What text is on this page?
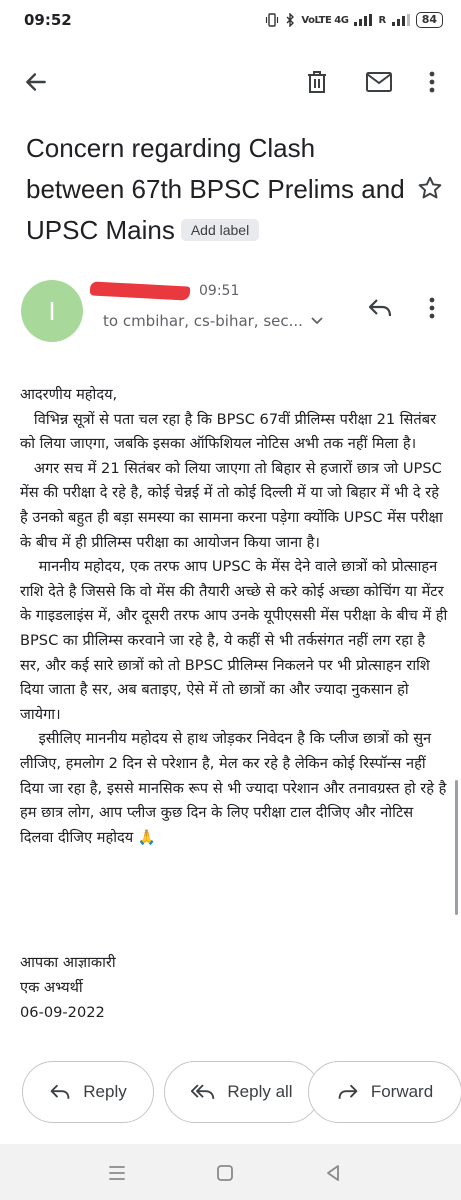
09:52	VoLTE 4G	R	84
Concern regarding Clash between 67th BPSC Prelims and UPSC Mains Add label
I
09:51
to cmbihar, cs-bihar, sec...
आदरणीय महोदय,
विभिन्न सूत्रों से पता चल रहा है कि BPSC 67वीं प्रीलिम्स परीक्षा 21 सितंबर को लिया जाएगा, जबकि इसका ऑफिशियल नोटिस अभी तक नहीं मिला है।
अगर सच में 21 सितंबर को लिया जाएगा तो बिहार से हजारों छात्र जो UPSC मेंस की परीक्षा दे रहे है, कोई चेन्नई में तो कोई दिल्ली में या जो बिहार में भी दे रहे है उनको बहुत ही बड़ा समस्या का सामना करना पड़ेगा क्योंकि UPSC मेंस परीक्षा के बीच में ही प्रीलिम्स परीक्षा का आयोजन किया जाना है।
माननीय महोदय, एक तरफ आप UPSC के मेंस देने वाले छात्रों को प्रोत्साहन राशि देते है जिससे कि वो मेंस की तैयारी अच्छे से करे कोई अच्छा कोचिंग या मेंटर के गाइडलाइंस में, और दूसरी तरफ आप उनके यूपीएससी मेंस परीक्षा के बीच में ही BPSC का प्रीलिम्स करवाने जा रहे है, ये कहीं से भी तर्कसंगत नहीं लग रहा है सर, और कई सारे छात्रों को तो BPSC प्रीलिम्स निकलने पर भी प्रोत्साहन राशि दिया जाता है सर, अब बताइए, ऐसे में तो छात्रों का और ज्यादा नुकसान हो जायेगा।
इसीलिए माननीय महोदय से हाथ जोड़कर निवेदन है कि प्लीज छात्रों को सुन लीजिए, हमलोग 2 दिन से परेशान है, मेल कर रहे है लेकिन कोई रिस्पॉन्स नहीं दिया जा रहा है, इससे मानसिक रूप से भी ज्यादा परेशान और तनावग्रस्त हो रहे है हम छात्र लोग, आप प्लीज कुछ दिन के लिए परीक्षा टाल दीजिए और नोटिस दिलवा दीजिए महोदय 🙏
आपका आज्ञाकारी
एक अभ्यर्थी
06-09-2022
Reply	Reply all	Forward
